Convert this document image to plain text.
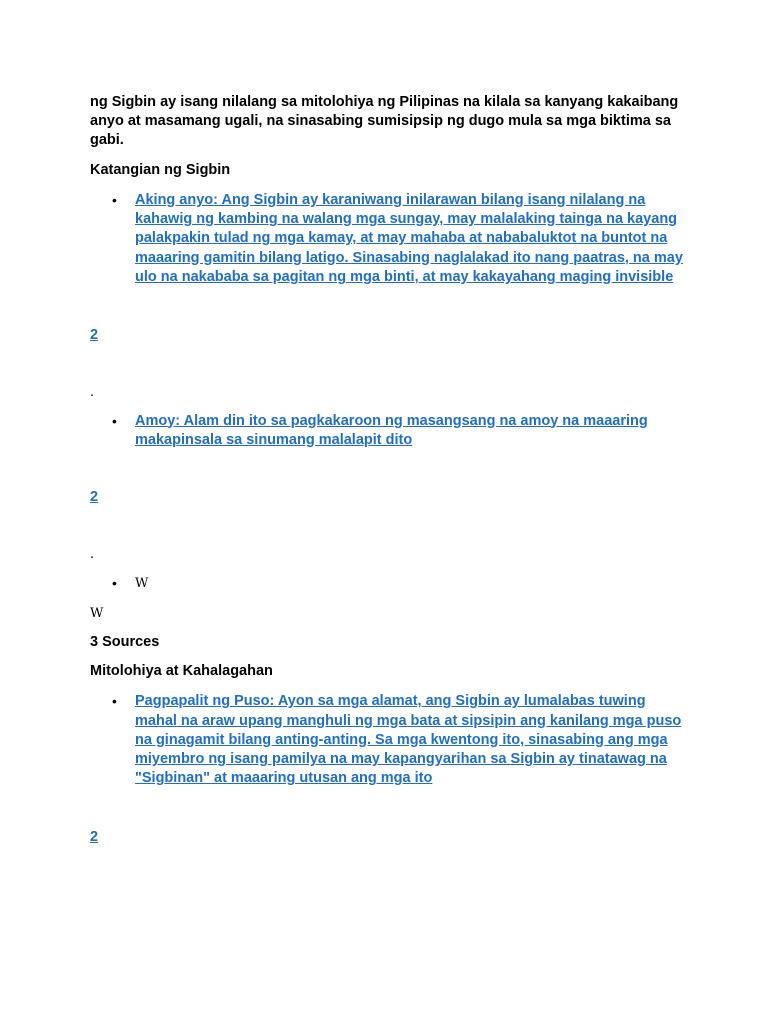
ng Sigbin ay isang nilalang sa mitolohiya ng Pilipinas na kilala sa kanyang kakaibang anyo at masamang ugali, na sinasabing sumisipsip ng dugo mula sa mga biktima sa gabi.

Katangian ng Sigbin

• Aking anyo: Ang Sigbin ay karaniwang inilarawan bilang isang nilalang na kahawig ng kambing na walang mga sungay, may malalaking tainga na kayang palakpakin tulad ng mga kamay, at may mahaba at nababaluktot na buntot na maaaring gamitin bilang latigo. Sinasabing naglalakad ito nang paatras, na may ulo na nakababa sa pagitan ng mga binti, at may kakayahang maging invisible
2

.

• Amoy: Alam din ito sa pagkakaroon ng masangsang na amoy na maaaring makapinsala sa sinumang malalapit dito
2

.

• W

W

3 Sources

Mitolohiya at Kahalagahan

• Pagpapalit ng Puso: Ayon sa mga alamat, ang Sigbin ay lumalabas tuwing mahal na araw upang manghuli ng mga bata at sipsipin ang kanilang mga puso na ginagamit bilang anting-anting. Sa mga kwentong ito, sinasabing ang mga miyembro ng isang pamilya na may kapangyarihan sa Sigbin ay tinatawag na "Sigbinan" at maaaring utusan ang mga ito
2
